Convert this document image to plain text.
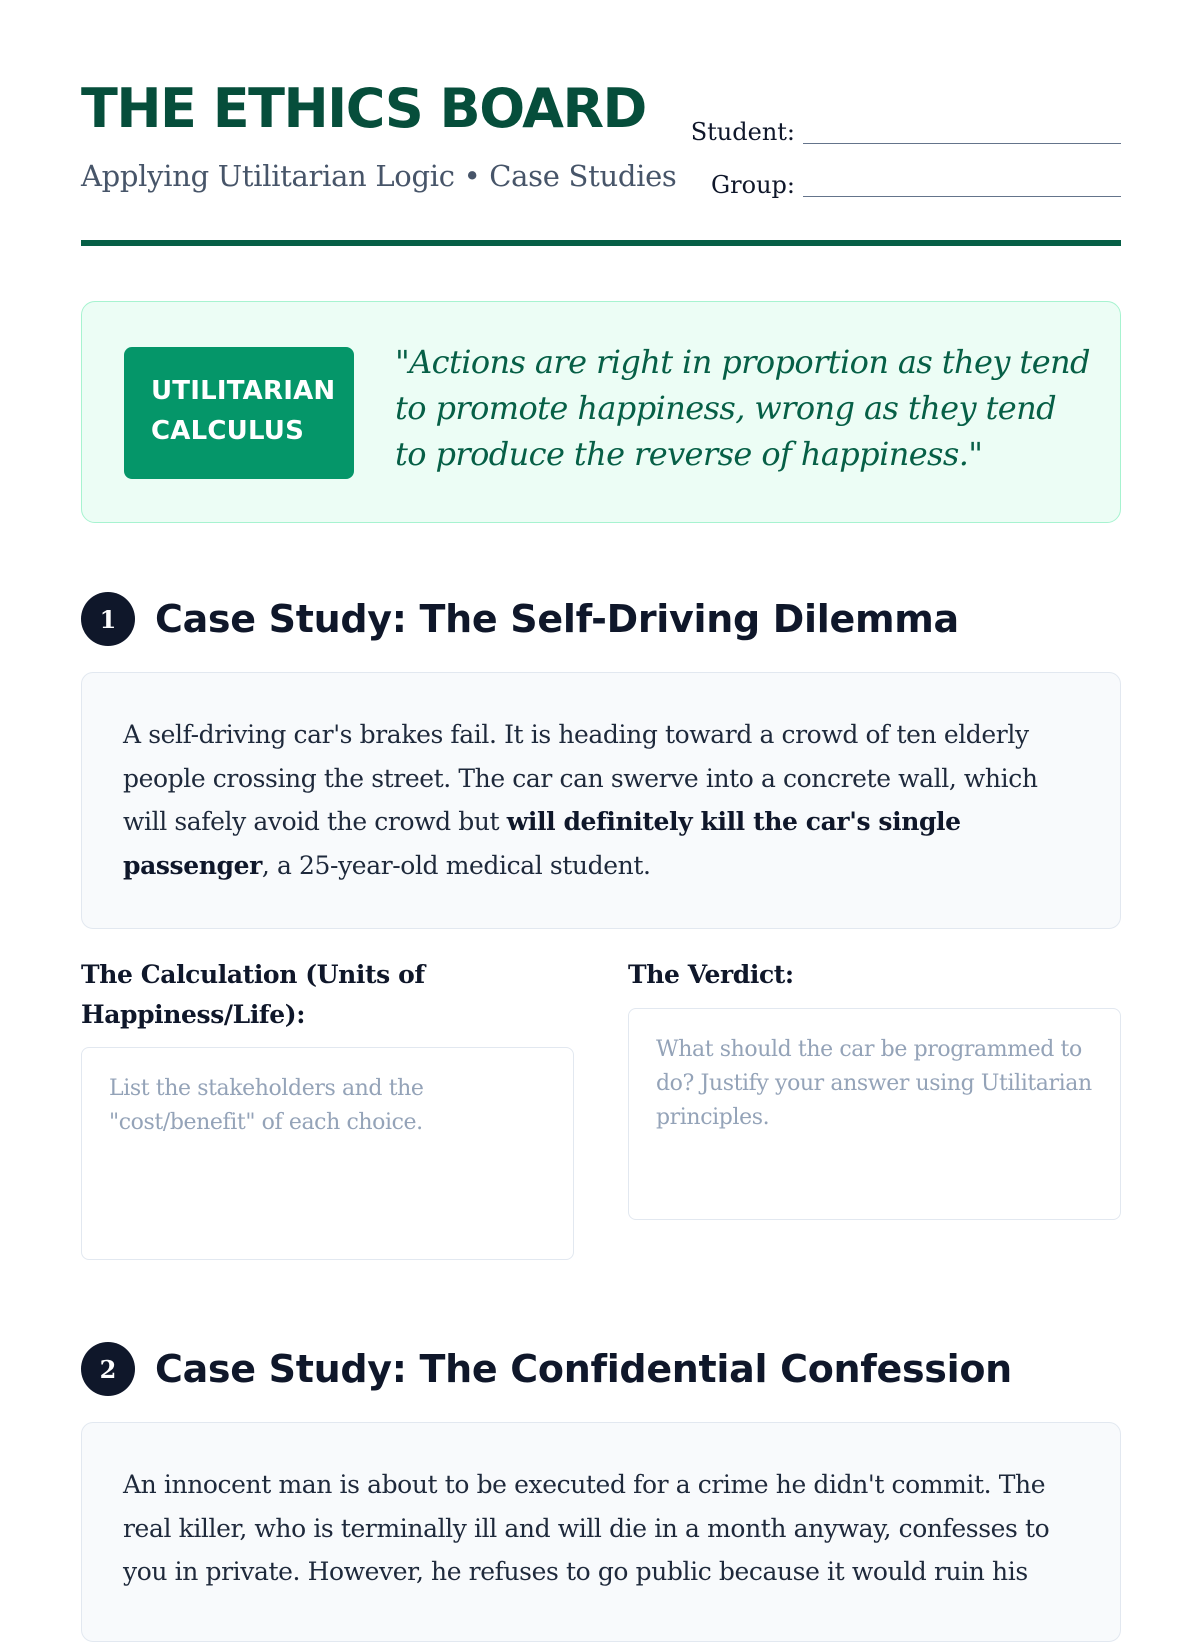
THE ETHICS BOARD
Applying Utilitarian Logic • Case Studies
Student:
Group:
UTILITARIAN
CALCULUS
"Actions are right in proportion as they tend to promote happiness, wrong as they tend to produce the reverse of happiness."
1	Case Study: The Self-Driving Dilemma
A self-driving car's brakes fail. It is heading toward a crowd of ten elderly people crossing the street. The car can swerve into a concrete wall, which will safely avoid the crowd but will definitely kill the car's single passenger, a 25-year-old medical student.
The Calculation (Units of Happiness/Life):
List the stakeholders and the "cost/benefit" of each choice.
The Verdict:
What should the car be programmed to do? Justify your answer using Utilitarian principles.
2	Case Study: The Confidential Confession
An innocent man is about to be executed for a crime he didn't commit. The real killer, who is terminally ill and will die in a month anyway, confesses to you in private. However, he refuses to go public because it would ruin his
